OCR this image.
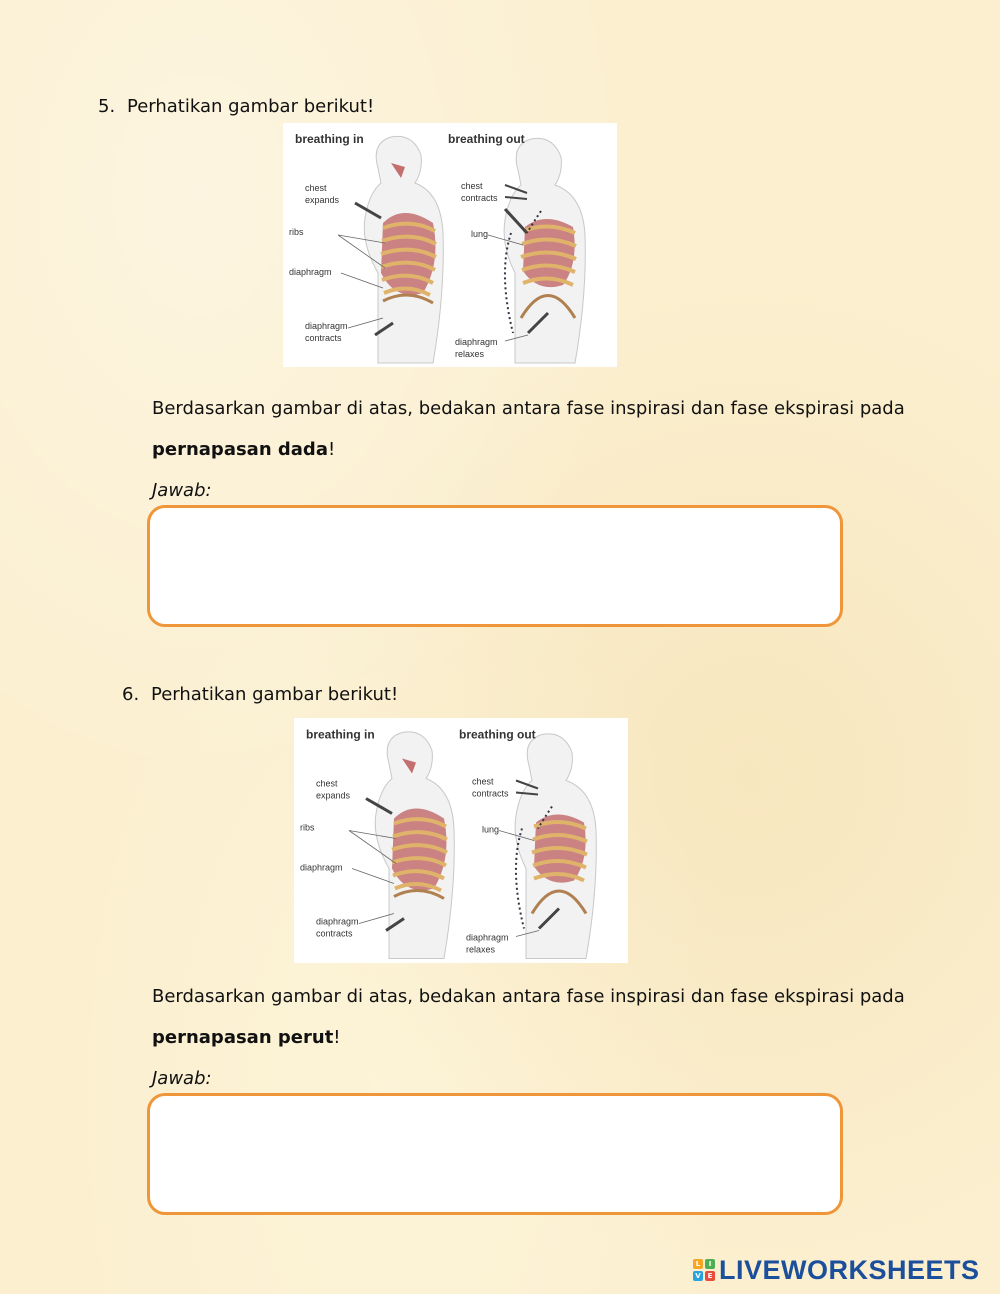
5. Perhatikan gambar berikut!
breathing in
chest
expands
ribs
diaphragm
diaphragm
contracts
breathing out
chest
contracts
lung
diaphragm
relaxes
Berdasarkan gambar di atas, bedakan antara fase inspirasi dan fase ekspirasi pada
pernapasan dada!
Jawab:
6. Perhatikan gambar berikut!
breathing in
chest
expands
ribs
diaphragm
diaphragm
contracts
breathing out
chest
contracts
lung
diaphragm
relaxes
Berdasarkan gambar di atas, bedakan antara fase inspirasi dan fase ekspirasi pada
pernapasan perut!
Jawab:
L	I
V E LIVEWORKSHEETS
